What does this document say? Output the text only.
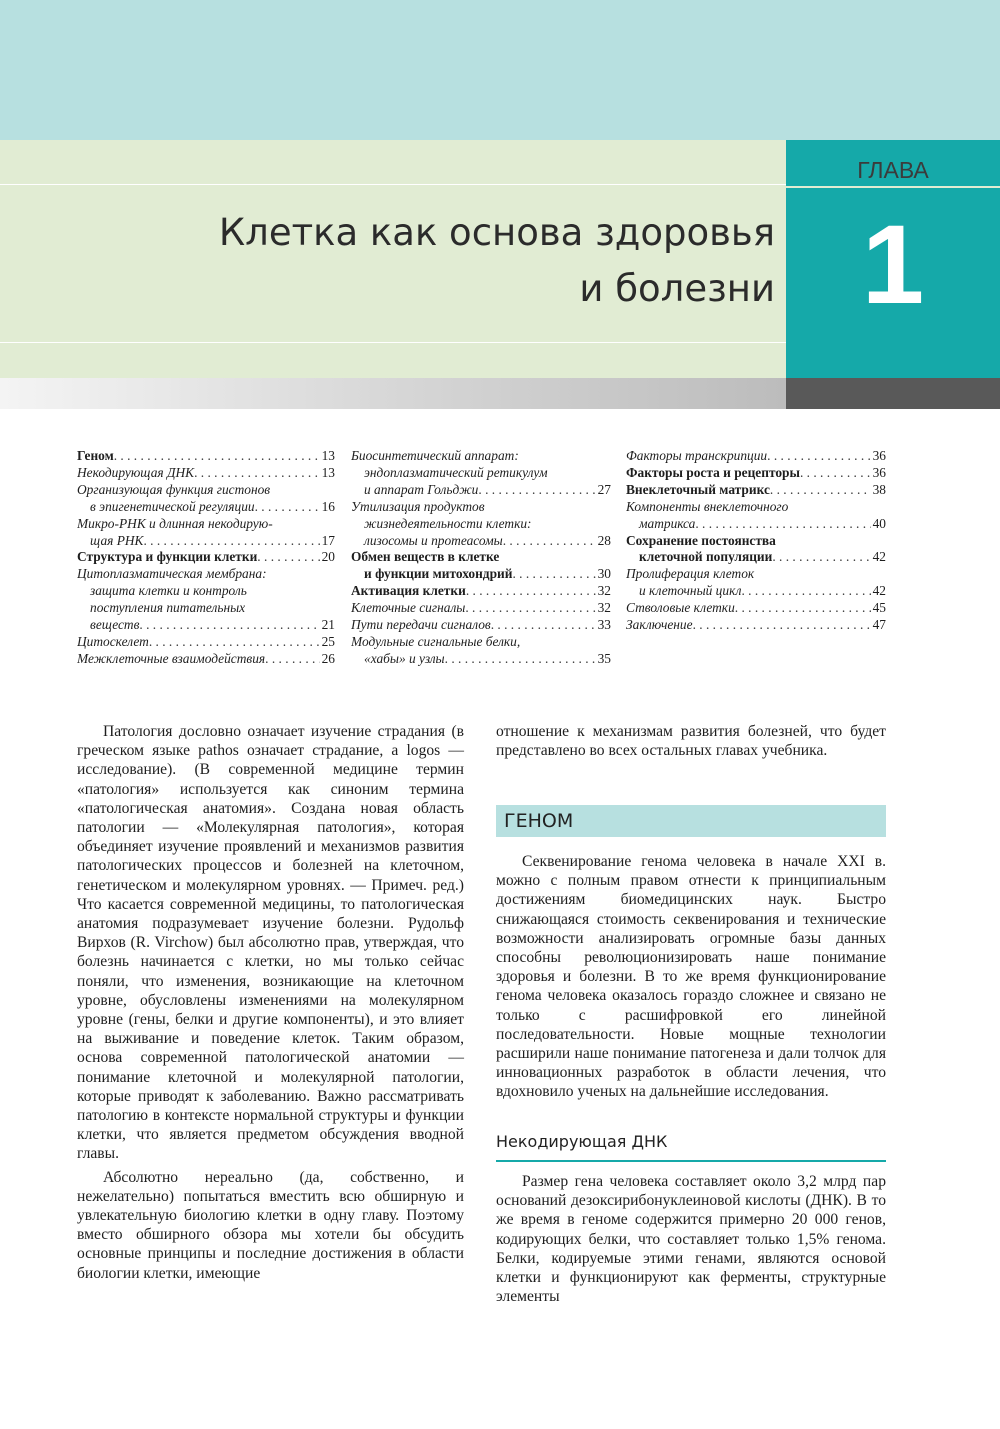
ГЛАВА
1
Клетка как основа здоровья
и болезни
Геном . . .	13
Некодирующая ДНК . . .	13
Организующая функция гистонов
в эпигенетической регуляции . . .	16
Микро-РНК и длинная некодирую-
щая РНК . . .	17
Структура и функции клетки . . .	20
Цитоплазматическая мембрана:
защита клетки и контроль
поступления питательных
веществ . . .	21
Цитоскелет . . .	25
Межклеточные взаимодействия . . .	26
Биосинтетический аппарат:
эндоплазматический ретикулум
и аппарат Гольджи . . .	27
Утилизация продуктов
жизнедеятельности клетки:
лизосомы и протеасомы . . .	28
Обмен веществ в клетке
и функции митохондрий . . .	30
Активация клетки . . .	32
Клеточные сигналы . . .	32
Пути передачи сигналов . . .	33
Модульные сигнальные белки,
«хабы» и узлы . . .	35
Факторы транскрипции . . .	36
Факторы роста и рецепторы . . .	36
Внеклеточный матрикс . . .	38
Компоненты внеклеточного
матрикса . . .	40
Сохранение постоянства
клеточной популяции . . .	42
Пролиферация клеток
и клеточный цикл . . .	42
Стволовые клетки . . .	45
Заключение . . .	47

Патология дословно означает изучение страдания (в греческом языке pathos означает страдание, а logos — исследование). (В современной медицине термин «патология» используется как синоним термина «патологическая анатомия». Создана новая область патологии — «Молекулярная патология», которая объединяет изучение проявлений и механизмов развития патологических процессов и болезней на клеточном, генетическом и молекулярном уровнях. — Примеч. ред.) Что касается современной медицины, то патологическая анатомия подразумевает изучение болезни. Рудольф Вирхов (R. Virchow) был абсолютно прав, утверждая, что болезнь начинается с клетки, но мы только сейчас поняли, что изменения, возникающие на клеточном уровне, обусловлены изменениями на молекулярном уровне (гены, белки и другие компоненты), и это влияет на выживание и поведение клеток. Таким образом, основа современной патологической анатомии — понимание клеточной и молекулярной патологии, которые приводят к заболеванию. Важно рассматривать патологию в контексте нормальной структуры и функции клетки, что является предметом обсуждения вводной главы.

Абсолютно нереально (да, собственно, и нежелательно) попытаться вместить всю обширную и увлекательную биологию клетки в одну главу. Поэтому вместо обширного обзора мы хотели бы обсудить основные принципы и последние достижения в области биологии клетки, имеющие

отношение к механизмам развития болезней, что будет представлено во всех остальных главах учебника.

ГЕНОМ

Секвенирование генома человека в начале XXI в. можно с полным правом отнести к принципиальным достижениям биомедицинских наук. Быстро снижающаяся стоимость секвенирования и технические возможности анализировать огромные базы данных способны революционизировать наше понимание здоровья и болезни. В то же время функционирование генома человека оказалось гораздо сложнее и связано не только с расшифровкой его линейной последовательности. Новые мощные технологии расширили наше понимание патогенеза и дали толчок для инновационных разработок в области лечения, что вдохновило ученых на дальнейшие исследования.

Некодирующая ДНК

Размер гена человека составляет около 3,2 млрд пар оснований дезоксирибонуклеиновой кислоты (ДНК). В то же время в геноме содержится примерно 20 000 генов, кодирующих белки, что составляет только 1,5% генома. Белки, кодируемые этими генами, являются основой клетки и функционируют как ферменты, структурные элементы
